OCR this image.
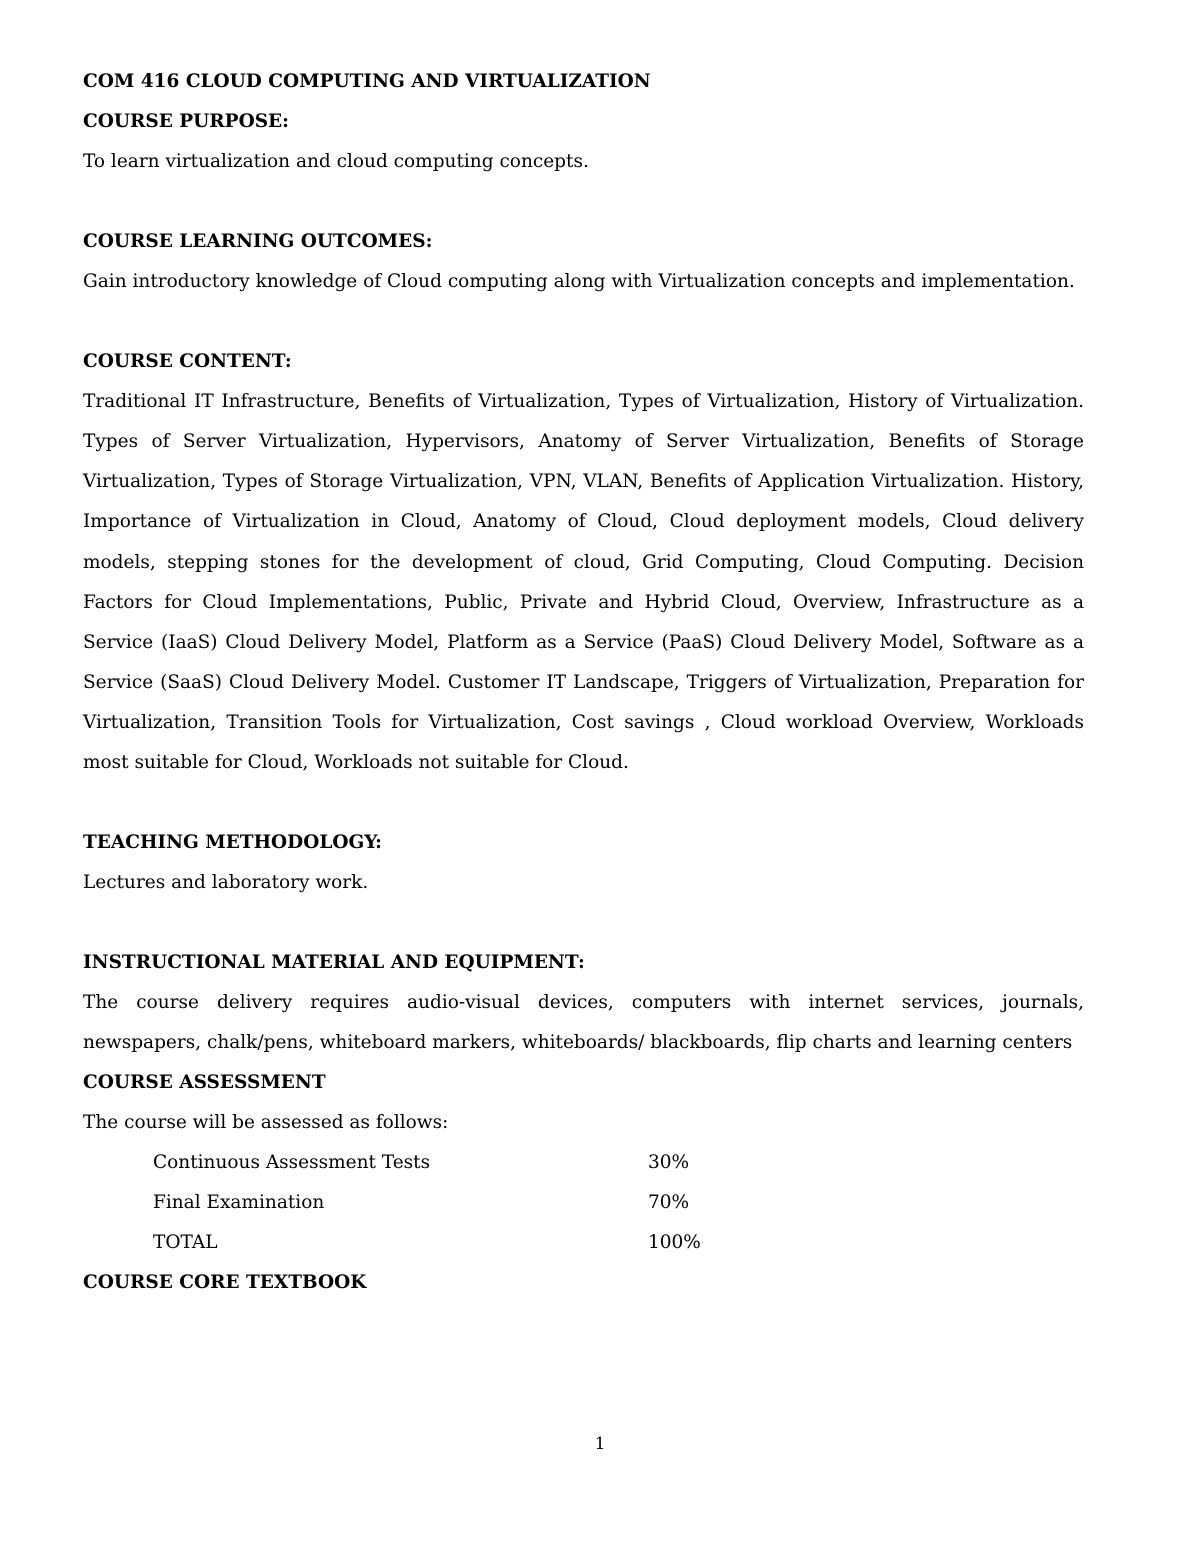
COM 416 CLOUD COMPUTING AND VIRTUALIZATION

COURSE PURPOSE:

To learn virtualization and cloud computing concepts.

COURSE LEARNING OUTCOMES:

Gain introductory knowledge of Cloud computing along with Virtualization concepts and implementation.

COURSE CONTENT:

Traditional IT Infrastructure, Benefits of Virtualization, Types of Virtualization, History of Virtualization. Types of Server Virtualization, Hypervisors, Anatomy of Server Virtualization, Benefits of Storage Virtualization, Types of Storage Virtualization, VPN, VLAN, Benefits of Application Virtualization. History, Importance of Virtualization in Cloud, Anatomy of Cloud, Cloud deployment models, Cloud delivery models, stepping stones for the development of cloud, Grid Computing, Cloud Computing. Decision Factors for Cloud Implementations, Public, Private and Hybrid Cloud, Overview, Infrastructure as a Service (IaaS) Cloud Delivery Model, Platform as a Service (PaaS) Cloud Delivery Model, Software as a Service (SaaS) Cloud Delivery Model. Customer IT Landscape, Triggers of Virtualization, Preparation for Virtualization, Transition Tools for Virtualization, Cost savings , Cloud workload Overview, Workloads most suitable for Cloud, Workloads not suitable for Cloud.

TEACHING METHODOLOGY:

Lectures and laboratory work.

INSTRUCTIONAL MATERIAL AND EQUIPMENT:

The course delivery requires audio-visual devices, computers with internet services, journals, newspapers, chalk/pens, whiteboard markers, whiteboards/ blackboards, flip charts and learning centers

COURSE ASSESSMENT

The course will be assessed as follows:

Continuous Assessment Tests	30%
Final Examination	70%
TOTAL	100%

COURSE CORE TEXTBOOK

1
